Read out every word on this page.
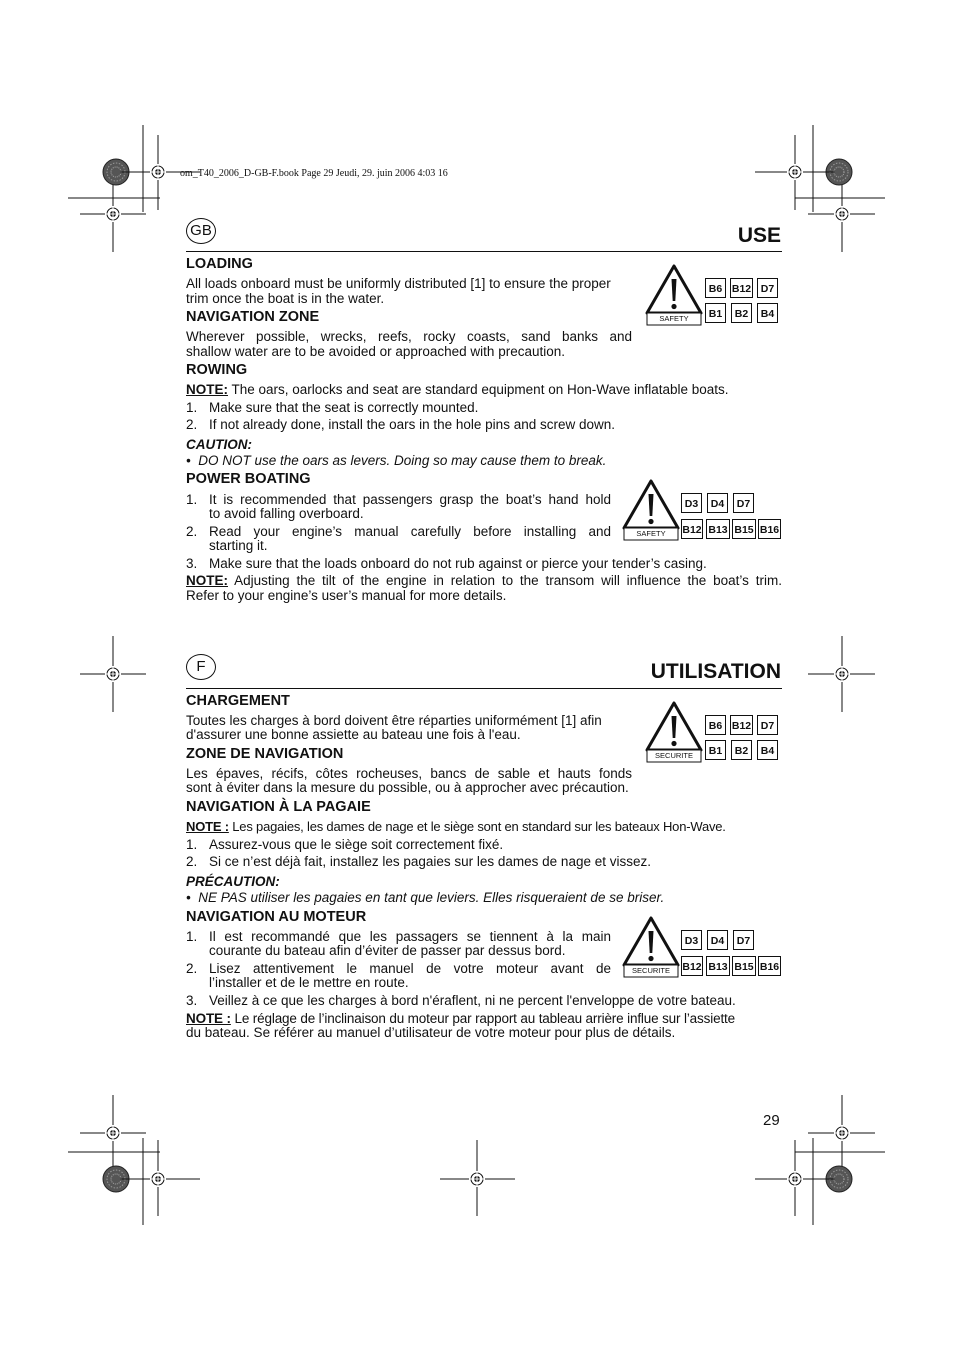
om_T40_2006_D-GB-F.book Page 29 Jeudi, 29. juin 2006 4:03 16
GB	USE
LOADING
All loads onboard must be uniformly distributed [1] to ensure the proper
trim once the boat is in the water.
NAVIGATION ZONE
Wherever possible, wrecks, reefs, rocky coasts, sand banks and
shallow water are to be avoided or approached with precaution.
SAFETY
B6 B12 D7
B1	B2	B4
ROWING
NOTE: The oars, oarlocks and seat are standard equipment on Hon-Wave inflatable boats.
1. Make sure that the seat is correctly mounted.
2. If not already done, install the oars in the hole pins and screw down.
CAUTION:
•  DO NOT use the oars as levers. Doing so may cause them to break.
POWER BOATING
1. It is recommended that passengers grasp the boat’s hand hold
to avoid falling overboard.
2. Read your engine’s manual carefully before installing and
starting it.
3. Make sure that the loads onboard do not rub against or pierce your tender’s casing.
NOTE: Adjusting the tilt of the engine in relation to the transom will influence the boat’s trim.
Refer to your engine’s user’s manual for more details.
SAFETY
D3	D4	D7
B12 B13 B15 B16
F	UTILISATION
CHARGEMENT
Toutes les charges à bord doivent être réparties uniformément [1] afin
d'assurer une bonne assiette au bateau une fois à l'eau.
ZONE DE NAVIGATION
Les épaves, récifs, côtes rocheuses, bancs de sable et hauts fonds
sont à éviter dans la mesure du possible, ou à approcher avec précaution.
SECURITE
B6 B12 D7
B1	B2	B4
NAVIGATION À LA PAGAIE
NOTE : Les pagaies, les dames de nage et le siège sont en standard sur les bateaux Hon-Wave.
1. Assurez-vous que le siège soit correctement fixé.
2. Si ce n’est déjà fait, installez les pagaies sur les dames de nage et vissez.
PRÉCAUTION:
•  NE PAS utiliser les pagaies en tant que leviers. Elles risqueraient de se briser.
NAVIGATION AU MOTEUR
1. Il est recommandé que les passagers se tiennent à la main
courante du bateau afin d’éviter de passer par dessus bord.
2. Lisez attentivement le manuel de votre moteur avant de
l’installer et de le mettre en route.
3. Veillez à ce que les charges à bord n'éraflent, ni ne percent l'enveloppe de votre bateau.
NOTE : Le réglage de l’inclinaison du moteur par rapport au tableau arrière influe sur l’assiette
du bateau. Se référer au manuel d’utilisateur de votre moteur pour plus de détails.
SECURITE
D3	D4	D7
B12 B13 B15 B16
29
